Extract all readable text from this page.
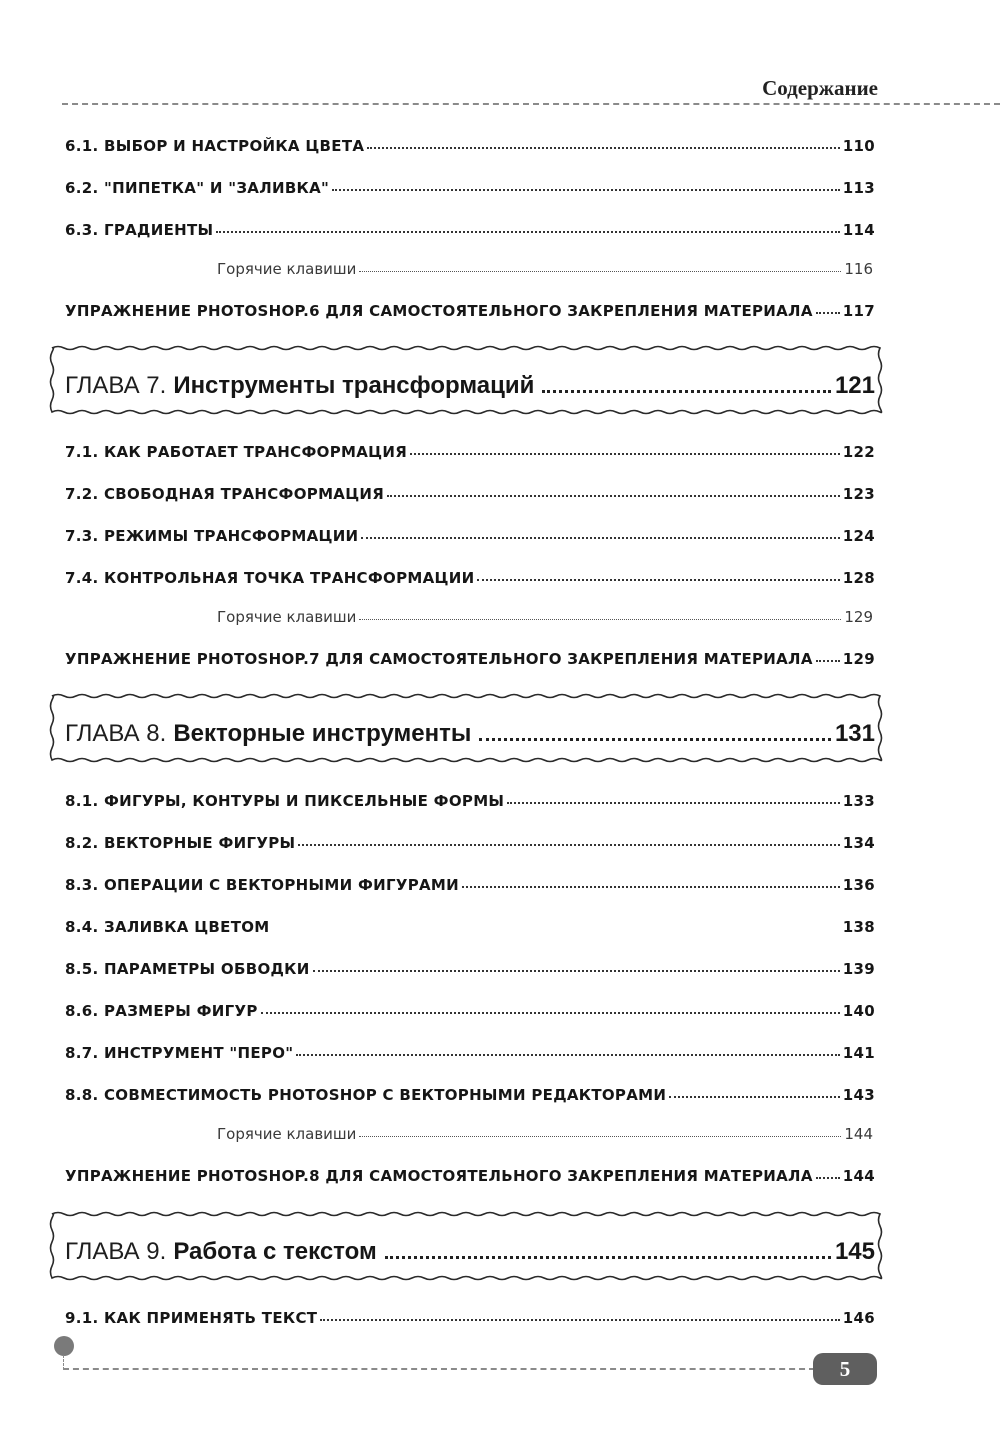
Содержание
6.1. ВЫБОР И НАСТРОЙКА ЦВЕТА	110
6.2. "ПИПЕТКА" И "ЗАЛИВКА"	113
6.3. ГРАДИЕНТЫ	114
Горячие клавиши	116
УПРАЖНЕНИЕ PHOTOSHOP.6 ДЛЯ САМОСТОЯТЕЛЬНОГО ЗАКРЕПЛЕНИЯ МАТЕРИАЛА 117
ГЛАВА 7. Инструменты трансформаций	121
7.1. КАК РАБОТАЕТ ТРАНСФОРМАЦИЯ	122
7.2. СВОБОДНАЯ ТРАНСФОРМАЦИЯ	123
7.3. РЕЖИМЫ ТРАНСФОРМАЦИИ	124
7.4. КОНТРОЛЬНАЯ ТОЧКА ТРАНСФОРМАЦИИ	128
Горячие клавиши	129
УПРАЖНЕНИЕ PHOTOSHOP.7 ДЛЯ САМОСТОЯТЕЛЬНОГО ЗАКРЕПЛЕНИЯ МАТЕРИАЛА 129
ГЛАВА 8. Векторные инструменты	131
8.1. ФИГУРЫ, КОНТУРЫ И ПИКСЕЛЬНЫЕ ФОРМЫ	133
8.2. ВЕКТОРНЫЕ ФИГУРЫ	134
8.3. ОПЕРАЦИИ С ВЕКТОРНЫМИ ФИГУРАМИ	136
8.4. ЗАЛИВКА ЦВЕТОМ	138
8.5. ПАРАМЕТРЫ ОБВОДКИ	139
8.6. РАЗМЕРЫ ФИГУР	140
8.7. ИНСТРУМЕНТ "ПЕРО"	141
8.8. СОВМЕСТИМОСТЬ PHOTOSHOP С ВЕКТОРНЫМИ РЕДАКТОРАМИ	143
Горячие клавиши	144
УПРАЖНЕНИЕ PHOTOSHOP.8 ДЛЯ САМОСТОЯТЕЛЬНОГО ЗАКРЕПЛЕНИЯ МАТЕРИАЛА 144
ГЛАВА 9. Работа с текстом	145
9.1. КАК ПРИМЕНЯТЬ ТЕКСТ	146
5
